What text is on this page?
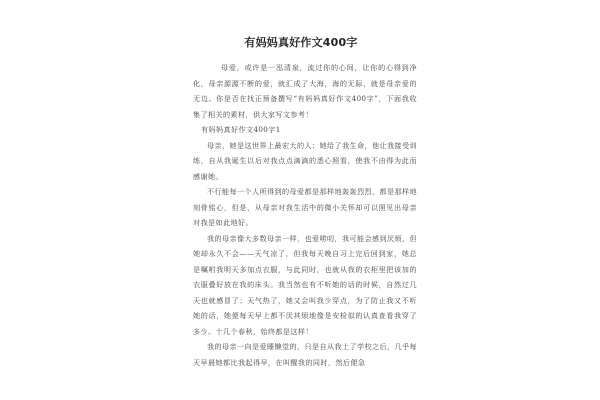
有妈妈真好作文400字

母爱，或许是一泓清泉，流过你的心间，让你的心得到净化，母亲源源不断的爱，就汇成了大海，海的无际，就是母亲爱的无边。你是否在找正预备撰写“有妈妈真好作文400字”，下面我收集了相关的素材，供大家写文参考！

有妈妈真好作文400字1

母亲，她是这世界上最宏大的人；她给了我生命，他让我接受训练，自从我诞生以后对我点点滴滴的悉心照看，使我不由得为此而感谢她。

不行能每一个人所得到的母爱都是那样地轰轰烈烈，都是那样地刻骨铭心，但是，从母亲对我生活中的微小关怀却可以照见出母亲对我是如此地好。

我的母亲像大多数母亲一样，也爱唠叨，我可能会感到厌烦，但她却永久不会——天气凉了，但我每天晚自习上完后回到家，她总是嘱咐我明天多加点衣服，与此同时，也就从我的衣柜里把该加的衣服叠好放在我的床头。我当然也有不听她的话的时候，自然过几天也就感冒了；天气热了，她又会叫我少穿点，为了防止我又不听她的话，她便每天早上都不厌其烦地像是安检似的认真查看我穿了多少。十几个春秋，始终都是这样！

我的母亲一向是爱睡懒觉的，只是自从我上了学校之后，几乎每天早晨她都比我起得早，在叫醒我的同时，然后便急
